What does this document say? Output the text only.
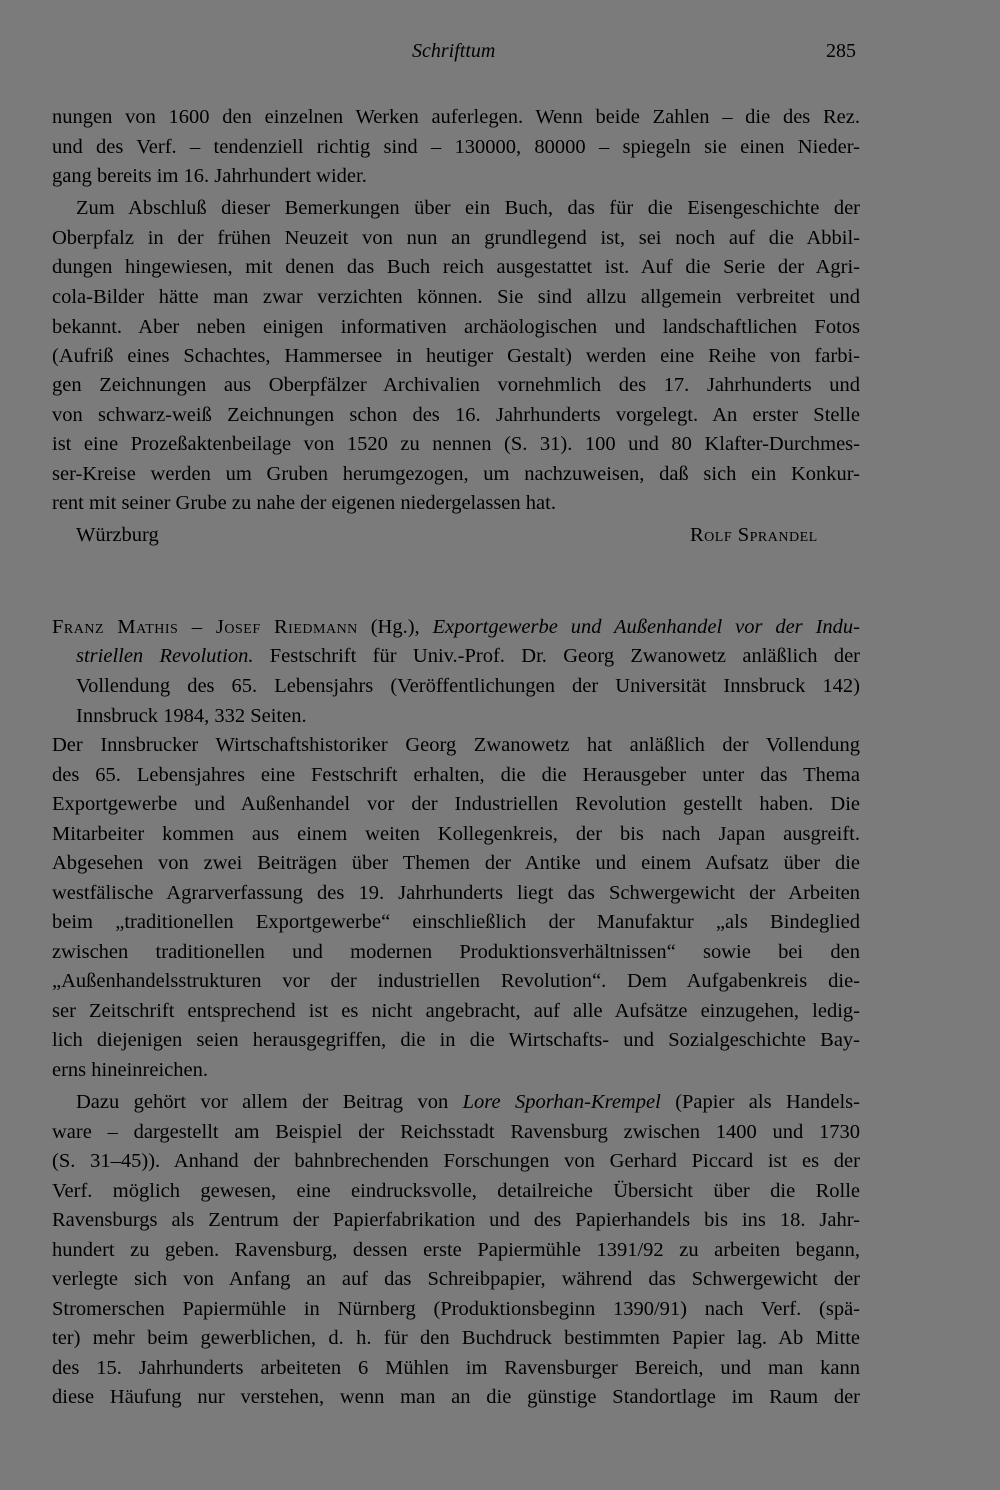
Schrifttum	285
nungen von 1600 den einzelnen Werken auferlegen. Wenn beide Zahlen – die des Rez.
und des Verf. – tendenziell richtig sind – 130000, 80000 – spiegeln sie einen Nieder-
gang bereits im 16. Jahrhundert wider.
Zum Abschluß dieser Bemerkungen über ein Buch, das für die Eisengeschichte der
Oberpfalz in der frühen Neuzeit von nun an grundlegend ist, sei noch auf die Abbil-
dungen hingewiesen, mit denen das Buch reich ausgestattet ist. Auf die Serie der Agri-
cola-Bilder hätte man zwar verzichten können. Sie sind allzu allgemein verbreitet und
bekannt. Aber neben einigen informativen archäologischen und landschaftlichen Fotos
(Aufriß eines Schachtes, Hammersee in heutiger Gestalt) werden eine Reihe von farbi-
gen Zeichnungen aus Oberpfälzer Archivalien vornehmlich des 17. Jahrhunderts und
von schwarz-weiß Zeichnungen schon des 16. Jahrhunderts vorgelegt. An erster Stelle
ist eine Prozeßaktenbeilage von 1520 zu nennen (S. 31). 100 und 80 Klafter-Durchmes-
ser-Kreise werden um Gruben herumgezogen, um nachzuweisen, daß sich ein Konkur-
rent mit seiner Grube zu nahe der eigenen niedergelassen hat.
Würzburg	Rolf Sprandel
Franz Mathis – Josef Riedmann (Hg.), Exportgewerbe und Außenhandel vor der Indu-
striellen Revolution. Festschrift für Univ.-Prof. Dr. Georg Zwanowetz anläßlich der
Vollendung des 65. Lebensjahrs (Veröffentlichungen der Universität Innsbruck 142)
Innsbruck 1984, 332 Seiten.
Der Innsbrucker Wirtschaftshistoriker Georg Zwanowetz hat anläßlich der Vollendung
des 65. Lebensjahres eine Festschrift erhalten, die die Herausgeber unter das Thema
Exportgewerbe und Außenhandel vor der Industriellen Revolution gestellt haben. Die
Mitarbeiter kommen aus einem weiten Kollegenkreis, der bis nach Japan ausgreift.
Abgesehen von zwei Beiträgen über Themen der Antike und einem Aufsatz über die
westfälische Agrarverfassung des 19. Jahrhunderts liegt das Schwergewicht der Arbeiten
beim „traditionellen Exportgewerbe“ einschließlich der Manufaktur „als Bindeglied
zwischen traditionellen und modernen Produktionsverhältnissen“ sowie bei den
„Außenhandelsstrukturen vor der industriellen Revolution“. Dem Aufgabenkreis die-
ser Zeitschrift entsprechend ist es nicht angebracht, auf alle Aufsätze einzugehen, ledig-
lich diejenigen seien herausgegriffen, die in die Wirtschafts- und Sozialgeschichte Bay-
erns hineinreichen.
Dazu gehört vor allem der Beitrag von Lore Sporhan-Krempel (Papier als Handels-
ware – dargestellt am Beispiel der Reichsstadt Ravensburg zwischen 1400 und 1730
(S. 31–45)). Anhand der bahnbrechenden Forschungen von Gerhard Piccard ist es der
Verf. möglich gewesen, eine eindrucksvolle, detailreiche Übersicht über die Rolle
Ravensburgs als Zentrum der Papierfabrikation und des Papierhandels bis ins 18. Jahr-
hundert zu geben. Ravensburg, dessen erste Papiermühle 1391/92 zu arbeiten begann,
verlegte sich von Anfang an auf das Schreibpapier, während das Schwergewicht der
Stromerschen Papiermühle in Nürnberg (Produktionsbeginn 1390/91) nach Verf. (spä-
ter) mehr beim gewerblichen, d. h. für den Buchdruck bestimmten Papier lag. Ab Mitte
des 15. Jahrhunderts arbeiteten 6 Mühlen im Ravensburger Bereich, und man kann
diese Häufung nur verstehen, wenn man an die günstige Standortlage im Raum der
